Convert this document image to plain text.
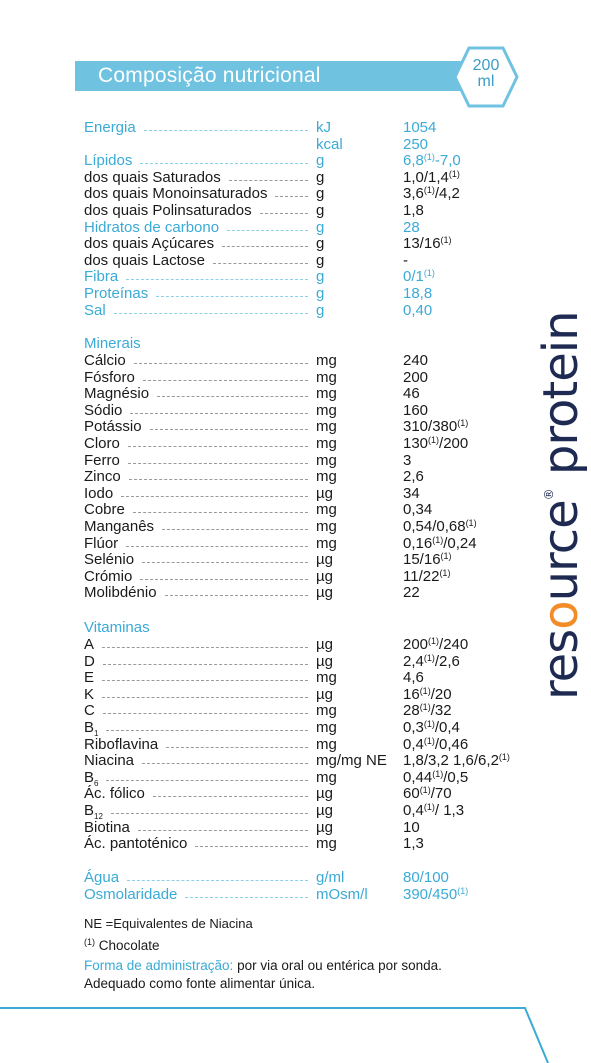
Composição nutricional	200
ml
Energia	kJ	1054
kcal	250
Lípidos	g	6,8$^{(1)}$-7,0
dos quais Saturados	g	1,0/1,4$^{(1)}$
dos quais Monoinsaturados	g	3,6$^{(1)}$/4,2
dos quais Polinsaturados	g	1,8
Hidratos de carbono	g	28
dos quais Açúcares	g	13/16$^{(1)}$
dos quais Lactose	g	-
Fibra	g	0/1$^{(1)}$
Proteínas	g	18,8
Sal	g	0,40
Minerais
Cálcio	mg	240
Fósforo	mg	200
Magnésio	mg	46
Sódio	mg	160
Potássio	mg	310/380$^{(1)}$
Cloro	mg	130$^{(1)}$/200
Ferro	mg	3
Zinco	mg	2,6
Iodo	µg	34
Cobre	mg	0,34
Manganês	mg	0,54/0,68$^{(1)}$
Flúor	mg	0,16$^{(1)}$/0,24
Selénio	µg	15/16$^{(1)}$
Crómio	µg	11/22$^{(1)}$
Molibdénio	µg	22
Vitaminas
A	µg	200$^{(1)}$/240
D	µg	2,4$^{(1)}$/2,6
E	mg	4,6
K	µg	16$^{(1)}$/20
C	mg	28$^{(1)}$/32
$B_1$	mg	0,3$^{(1)}$/0,4
Riboflavina	mg	0,4$^{(1)}$/0,46
Niacina	mg/mg NE 1,8/3,2 1,6/6,2$^{(1)}$
$B_6$	mg	0,44$^{(1)}$/0,5
Ác. fólico	µg	60$^{(1)}$/70
$B_{12}$	µg	0,4$^{(1)}$/ 1,3
Biotina	µg	10
Ác. pantoténico	mg	1,3
Água	g/ml	80/100
Osmolaridade	mOsm/l 390/450$^{(1)}$
NE =Equivalentes de Niacina
$^{(1)}$ Chocolate
Forma de administração: por via oral ou entérica por sonda.
Adequado como fonte alimentar única.
resource® protein
